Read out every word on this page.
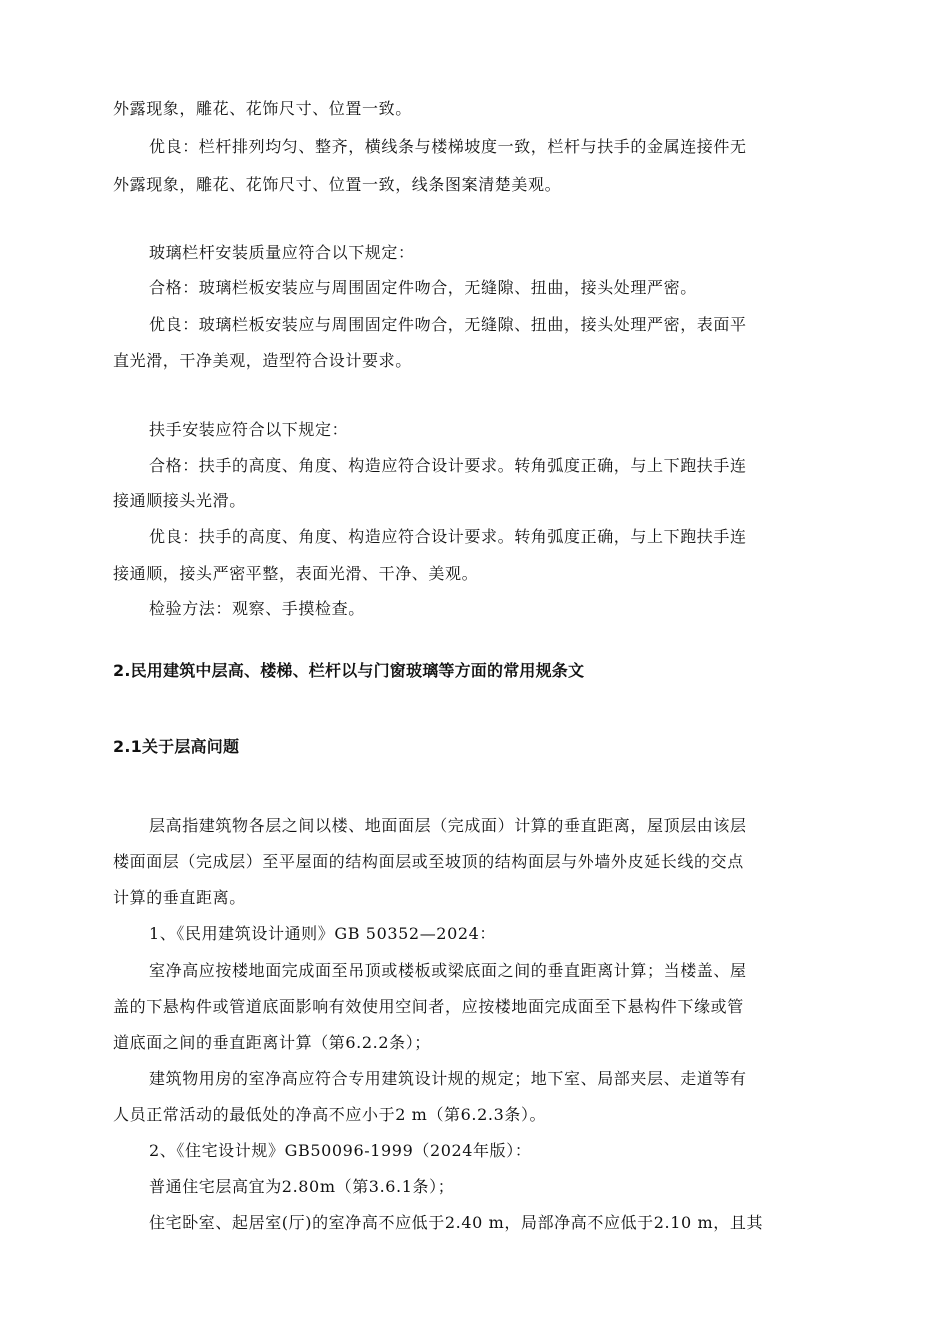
外露现象，雕花、花饰尺寸、位置一致。
优良：栏杆排列均匀、整齐，横线条与楼梯坡度一致，栏杆与扶手的金属连接件无
外露现象，雕花、花饰尺寸、位置一致，线条图案清楚美观。
玻璃栏杆安装质量应符合以下规定：
合格：玻璃栏板安装应与周围固定件吻合，无缝隙、扭曲，接头处理严密。
优良：玻璃栏板安装应与周围固定件吻合，无缝隙、扭曲，接头处理严密，表面平
直光滑，干净美观，造型符合设计要求。
扶手安装应符合以下规定：
合格：扶手的高度、角度、构造应符合设计要求。转角弧度正确，与上下跑扶手连
接通顺接头光滑。
优良：扶手的高度、角度、构造应符合设计要求。转角弧度正确，与上下跑扶手连
接通顺，接头严密平整，表面光滑、干净、美观。
检验方法：观察、手摸检查。
2.民用建筑中层高、楼梯、栏杆以与门窗玻璃等方面的常用规条文
2.1关于层高问题
层高指建筑物各层之间以楼、地面面层（完成面）计算的垂直距离，屋顶层由该层
楼面面层（完成层）至平屋面的结构面层或至坡顶的结构面层与外墙外皮延长线的交点
计算的垂直距离。
1、《民用建筑设计通则》GB 50352—2024：
室净高应按楼地面完成面至吊顶或楼板或梁底面之间的垂直距离计算；当楼盖、屋
盖的下悬构件或管道底面影响有效使用空间者，应按楼地面完成面至下悬构件下缘或管
道底面之间的垂直距离计算（第6.2.2条）；
建筑物用房的室净高应符合专用建筑设计规的规定；地下室、局部夹层、走道等有
人员正常活动的最低处的净高不应小于2 m（第6.2.3条）。
2、《住宅设计规》GB50096-1999（2024年版）：
普通住宅层高宜为2.80m（第3.6.1条）；
住宅卧室、起居室(厅)的室净高不应低于2.40 m，局部净高不应低于2.10 m，且其
